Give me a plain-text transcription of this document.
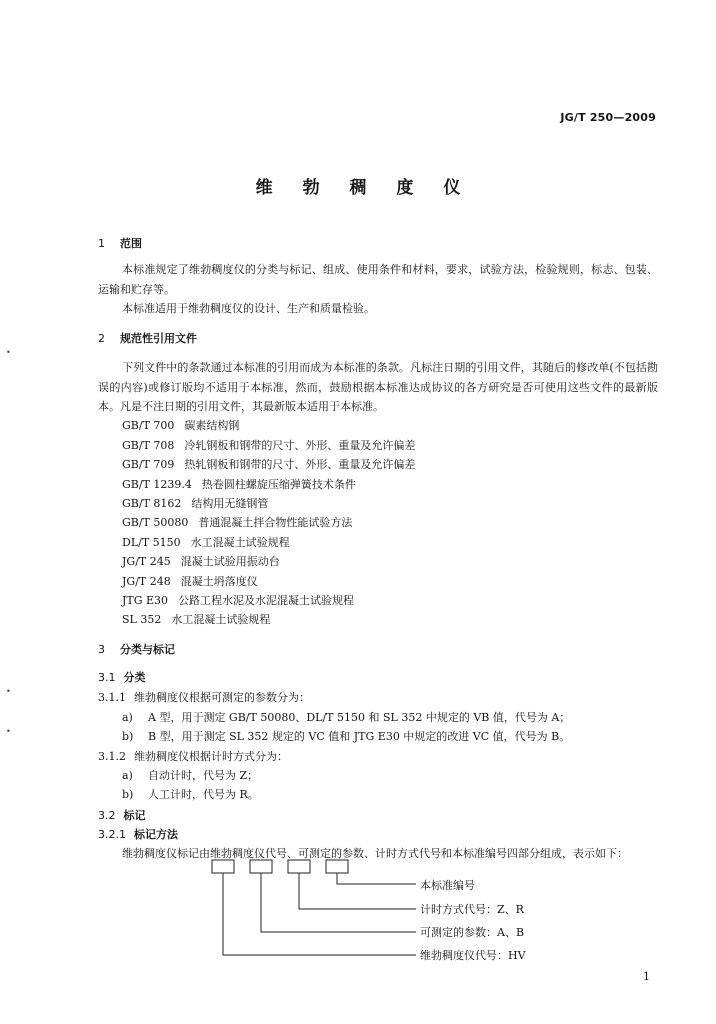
JG/T 250—2009
维 勃 稠 度 仪
1 范围
本标准规定了维勃稠度仪的分类与标记、组成、使用条件和材料，要求，试验方法，检验规则，标志、包装、运输和贮存等。
本标准适用于维勃稠度仪的设计、生产和质量检验。
2 规范性引用文件
下列文件中的条款通过本标准的引用而成为本标准的条款。凡标注日期的引用文件，其随后的修改单(不包括勘误的内容)或修订版均不适用于本标准，然而，鼓励根据本标准达成协议的各方研究是否可使用这些文件的最新版本。凡是不注日期的引用文件，其最新版本适用于本标准。
GB/T 700 碳素结构钢
GB/T 708 冷轧钢板和钢带的尺寸、外形、重量及允许偏差
GB/T 709 热轧钢板和钢带的尺寸、外形、重量及允许偏差
GB/T 1239.4 热卷圆柱螺旋压缩弹簧技术条件
GB/T 8162 结构用无缝钢管
GB/T 50080 普通混凝土拌合物性能试验方法
DL/T 5150 水工混凝土试验规程
JG/T 245 混凝土试验用振动台
JG/T 248 混凝土坍落度仪
JTG E30 公路工程水泥及水泥混凝土试验规程
SL 352 水工混凝土试验规程
3 分类与标记
3.1 分类
3.1.1 维勃稠度仪根据可测定的参数分为：
a) A 型，用于测定 GB/T 50080、DL/T 5150 和 SL 352 中规定的 VB 值，代号为 A；
b) B 型，用于测定 SL 352 规定的 VC 值和 JTG E30 中规定的改进 VC 值，代号为 B。
3.1.2 维勃稠度仪根据计时方式分为：
a) 自动计时，代号为 Z；
b) 人工计时，代号为 R。
3.2 标记
3.2.1 标记方法
维勃稠度仪标记由维勃稠度仪代号、可测定的参数、计时方式代号和本标准编号四部分组成，表示如下：
本标准编号
计时方式代号：Z、R
可测定的参数：A、B
维勃稠度仪代号：HV
1
•
•
•
